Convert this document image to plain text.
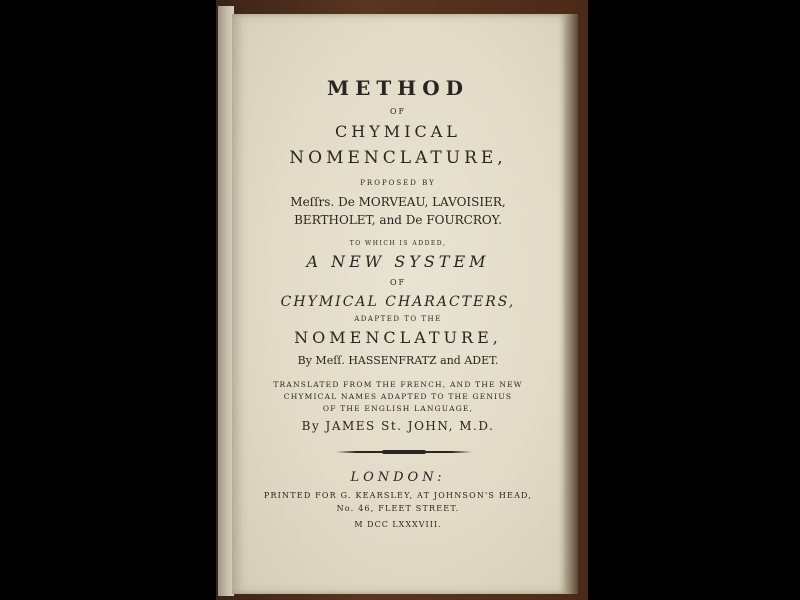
METHOD
OF
CHYMICAL
NOMENCLATURE,
PROPOSED BY
Meſſrs. De MORVEAU, LAVOISIER,
BERTHOLET, and De FOURCROY.
TO WHICH IS ADDED,
A NEW SYSTEM
OF
CHYMICAL CHARACTERS,
ADAPTED TO THE
NOMENCLATURE,
By Meſſ. HASSENFRATZ and ADET.
TRANSLATED FROM THE FRENCH, AND THE NEW
CHYMICAL NAMES ADAPTED TO THE GENIUS
OF THE ENGLISH LANGUAGE,
By JAMES St. JOHN, M.D.
LONDON:
PRINTED FOR G. KEARSLEY, AT JOHNSON'S HEAD,
No. 46, FLEET STREET.
M DCC LXXXVIII.
